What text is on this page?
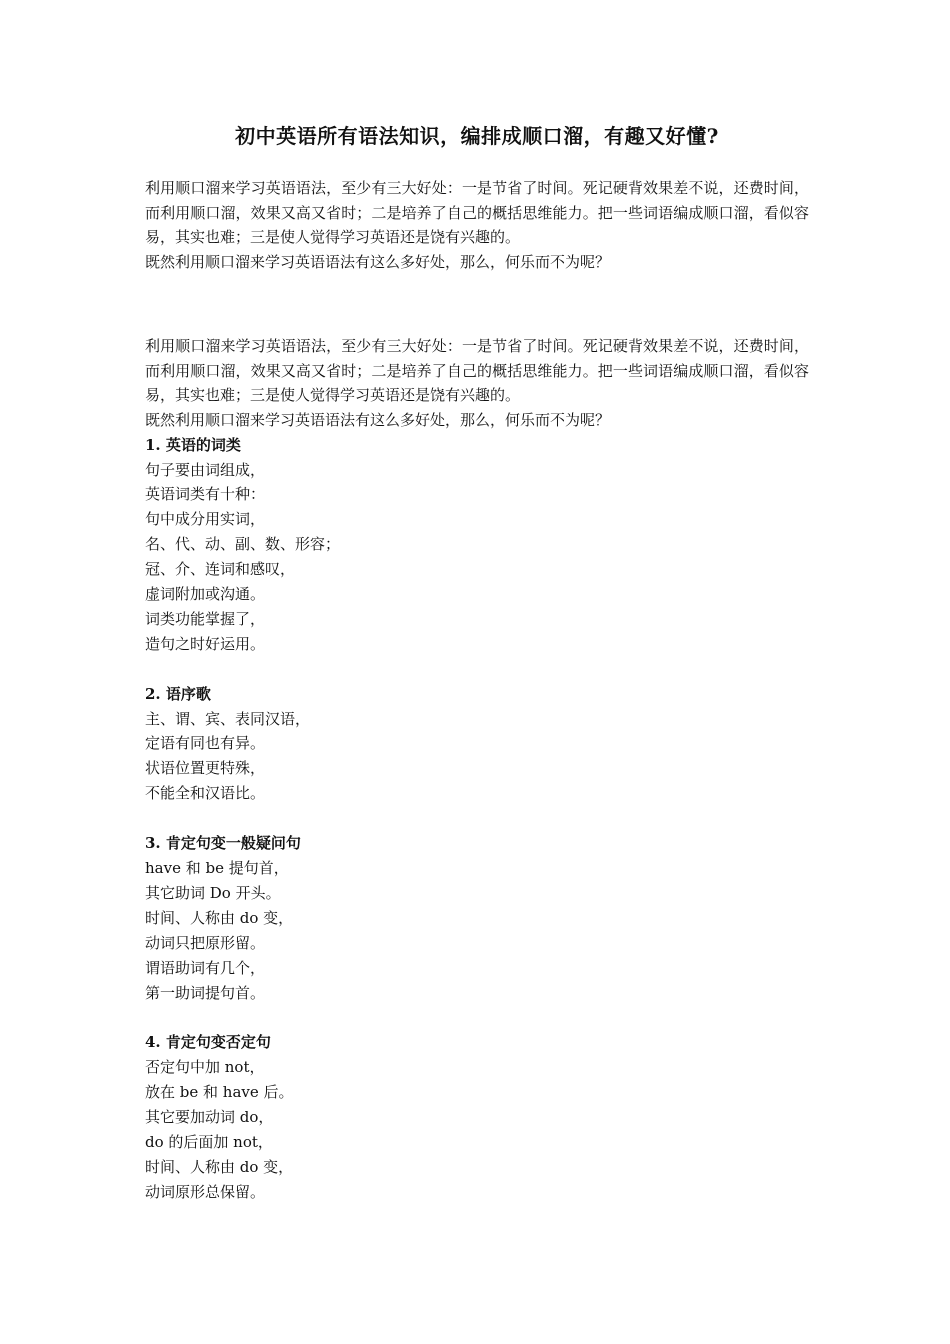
初中英语所有语法知识，编排成顺口溜，有趣又好懂?

利用顺口溜来学习英语语法，至少有三大好处：一是节省了时间。死记硬背效果差不说，还费时间，而利用顺口溜，效果又高又省时；二是培养了自己的概括思维能力。把一些词语编成顺口溜，看似容易，其实也难；三是使人觉得学习英语还是饶有兴趣的。

既然利用顺口溜来学习英语语法有这么多好处，那么，何乐而不为呢？

利用顺口溜来学习英语语法，至少有三大好处：一是节省了时间。死记硬背效果差不说，还费时间，而利用顺口溜，效果又高又省时；二是培养了自己的概括思维能力。把一些词语编成顺口溜，看似容易，其实也难；三是使人觉得学习英语还是饶有兴趣的。

既然利用顺口溜来学习英语语法有这么多好处，那么，何乐而不为呢？

1. 英语的词类

句子要由词组成，

英语词类有十种：

句中成分用实词，

名、代、动、副、数、形容；

冠、介、连词和感叹，

虚词附加或沟通。

词类功能掌握了，

造句之时好运用。

2. 语序歌

主、谓、宾、表同汉语，

定语有同也有异。

状语位置更特殊，

不能全和汉语比。

3. 肯定句变一般疑问句

have 和 be 提句首，

其它助词 Do 开头。

时间、人称由 do 变，

动词只把原形留。

谓语助词有几个，

第一助词提句首。

4. 肯定句变否定句

否定句中加 not，

放在 be 和 have 后。

其它要加动词 do，

do 的后面加 not，

时间、人称由 do 变，

动词原形总保留。
